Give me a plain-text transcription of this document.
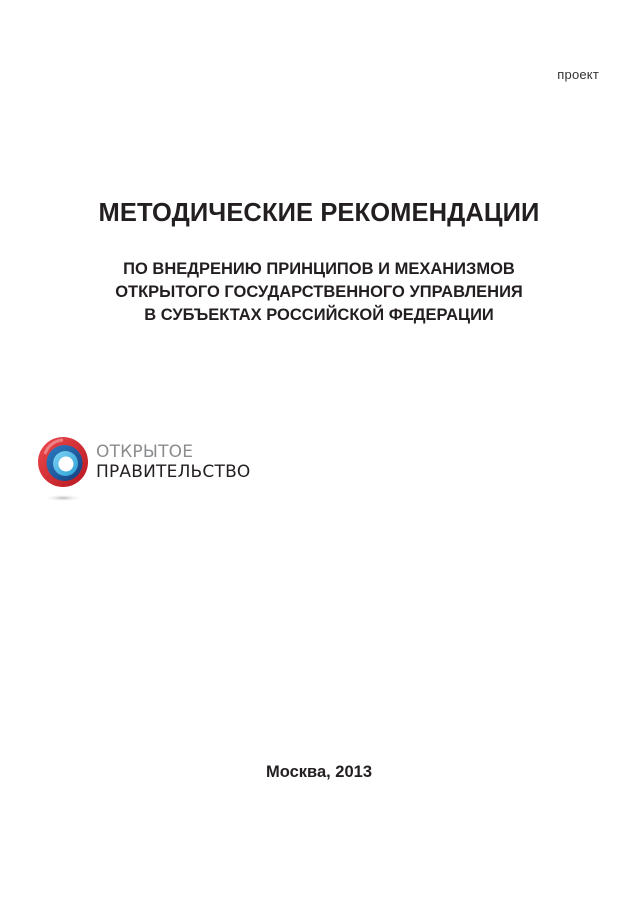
проект
МЕТОДИЧЕСКИЕ РЕКОМЕНДАЦИИ
ПО ВНЕДРЕНИЮ ПРИНЦИПОВ И МЕХАНИЗМОВ
ОТКРЫТОГО ГОСУДАРСТВЕННОГО УПРАВЛЕНИЯ
В СУБЪЕКТАХ РОССИЙСКОЙ ФЕДЕРАЦИИ
ОТКРЫТОЕ
ПРАВИТЕЛЬСТВО
Москва, 2013
